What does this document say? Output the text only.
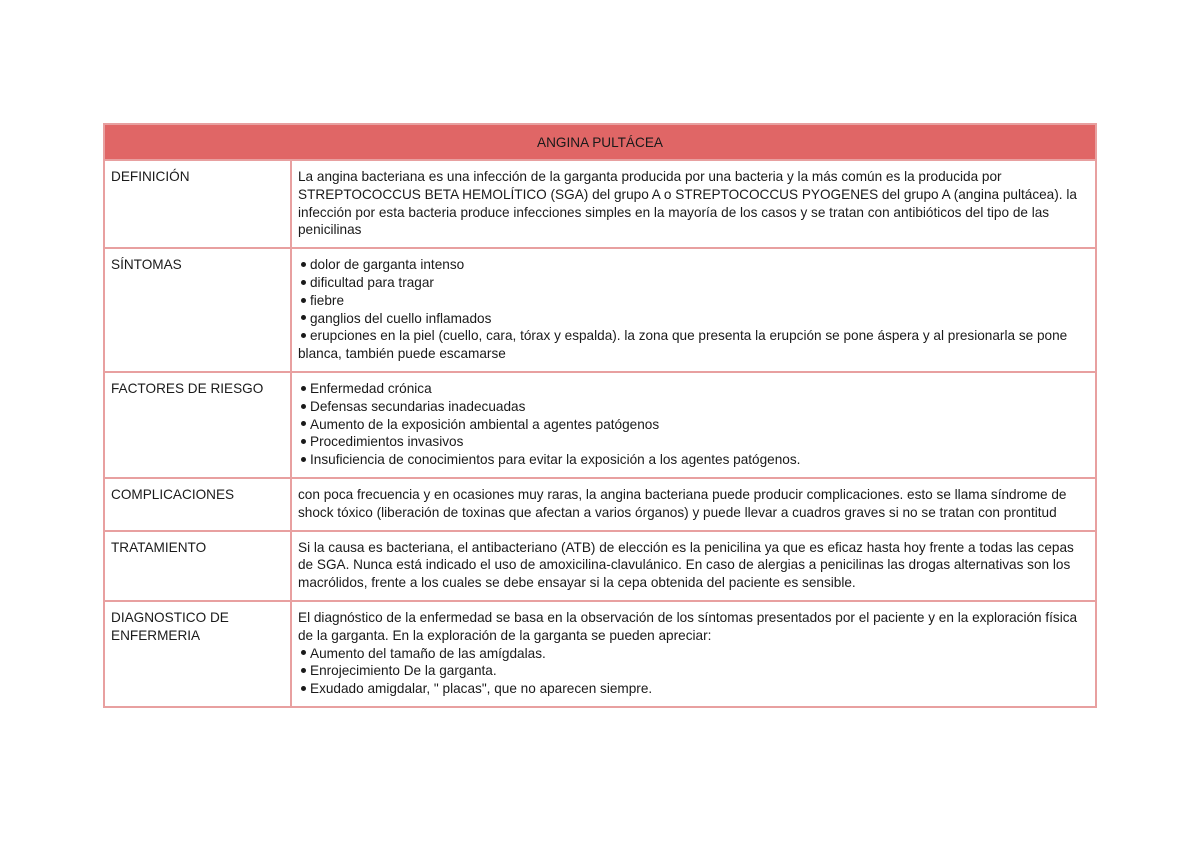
ANGINA PULTÁCEA	
DEFINICIÓN	La angina bacteriana es una infección de la garganta producida por una bacteria y la más común es la producida por STREPTOCOCCUS BETA HEMOLÍTICO (SGA) del grupo A o STREPTOCOCCUS PYOGENES del grupo A (angina pultácea). la infección por esta bacteria produce infecciones simples en la mayoría de los casos y se tratan con antibióticos del tipo de las penicilinas

SÍNTOMAS	dolor de garganta intenso
dificultad para tragar
fiebre
ganglios del cuello inflamados
erupciones en la piel (cuello, cara, tórax y espalda). la zona que presenta la erupción se pone áspera y al presionarla se pone blanca, también puede escamarse

FACTORES DE RIESGO	Enfermedad crónica
Defensas secundarias inadecuadas
Aumento de la exposición ambiental a agentes patógenos
Procedimientos invasivos
Insuficiencia de conocimientos para evitar la exposición a los agentes patógenos.

COMPLICACIONES	con poca frecuencia y en ocasiones muy raras, la angina bacteriana puede producir complicaciones. esto se llama síndrome de shock tóxico (liberación de toxinas que afectan a varios órganos) y puede llevar a cuadros graves si no se tratan con prontitud

TRATAMIENTO	Si la causa es bacteriana, el antibacteriano (ATB) de elección es la penicilina ya que es eficaz hasta hoy frente a todas las cepas de SGA. Nunca está indicado el uso de amoxicilina-clavulánico. En caso de alergias a penicilinas las drogas alternativas son los macrólidos, frente a los cuales se debe ensayar si la cepa obtenida del paciente es sensible.

DIAGNOSTICO DE ENFERMERIA	El diagnóstico de la enfermedad se basa en la observación de los síntomas presentados por el paciente y en la exploración física de la garganta. En la exploración de la garganta se pueden apreciar:
Aumento del tamaño de las amígdalas.
Enrojecimiento De la garganta.
Exudado amigdalar, " placas", que no aparecen siempre.
